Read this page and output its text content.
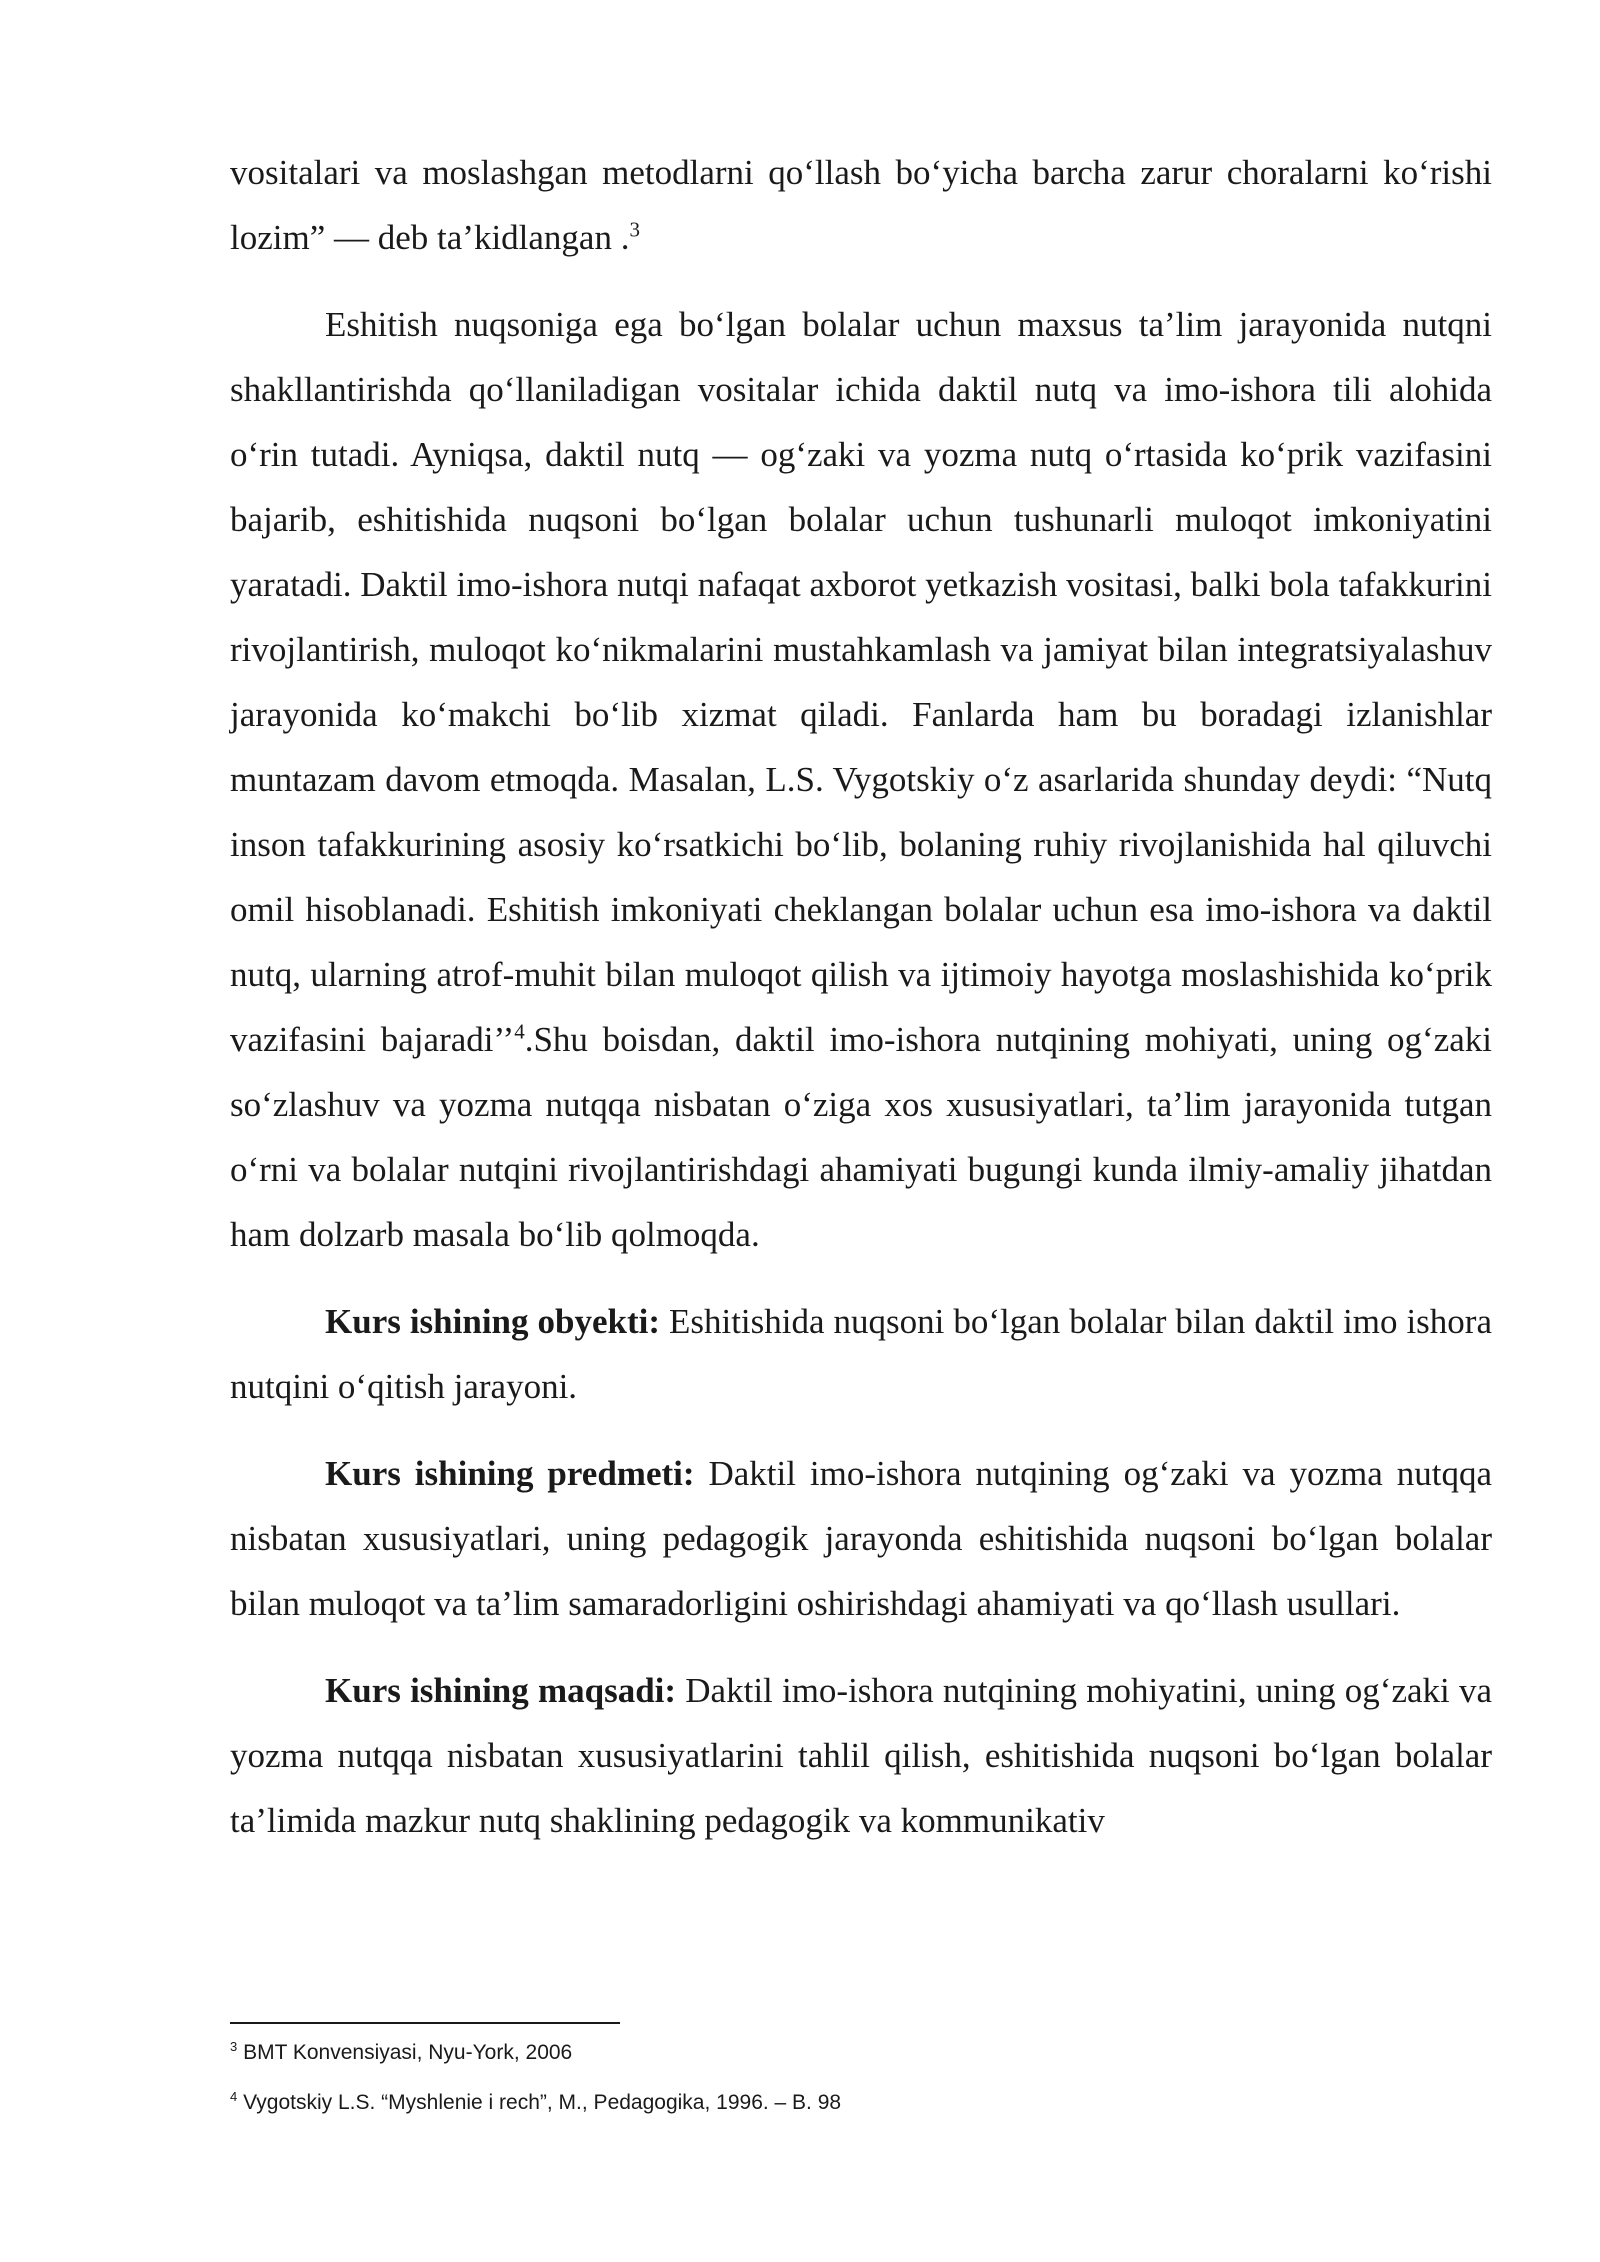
vositalari va moslashgan metodlarni qo‘llash bo‘yicha barcha zarur choralarni ko‘rishi lozim” — deb ta’kidlangan .$^3$

Eshitish nuqsoniga ega bo‘lgan bolalar uchun maxsus ta’lim jarayonida nutqni shakllantirishda qo‘llaniladigan vositalar ichida daktil nutq va imo-ishora tili alohida o‘rin tutadi. Ayniqsa, daktil nutq — og‘zaki va yozma nutq o‘rtasida ko‘prik vazifasini bajarib, eshitishida nuqsoni bo‘lgan bolalar uchun tushunarli muloqot imkoniyatini yaratadi. Daktil imo-ishora nutqi nafaqat axborot yetkazish vositasi, balki bola tafakkurini rivojlantirish, muloqot ko‘nikmalarini mustahkamlash va jamiyat bilan integratsiyalashuv jarayonida ko‘makchi bo‘lib xizmat qiladi. Fanlarda ham bu boradagi izlanishlar muntazam davom etmoqda. Masalan, L.S. Vygotskiy o‘z asarlarida shunday deydi: “Nutq inson tafakkurining asosiy ko‘rsatkichi bo‘lib, bolaning ruhiy rivojlanishida hal qiluvchi omil hisoblanadi. Eshitish imkoniyati cheklangan bolalar uchun esa imo-ishora va daktil nutq, ularning atrof-muhit bilan muloqot qilish va ijtimoiy hayotga moslashishida ko‘prik vazifasini bajaradi’’$^4$.Shu boisdan, daktil imo-ishora nutqining mohiyati, uning og‘zaki so‘zlashuv va yozma nutqqa nisbatan o‘ziga xos xususiyatlari, ta’lim jarayonida tutgan o‘rni va bolalar nutqini rivojlantirishdagi ahamiyati bugungi kunda ilmiy-amaliy jihatdan ham dolzarb masala bo‘lib qolmoqda.

Kurs ishining obyekti: Eshitishida nuqsoni bo‘lgan bolalar bilan daktil imo ishora nutqini o‘qitish jarayoni.

Kurs ishining predmeti: Daktil imo-ishora nutqining og‘zaki va yozma nutqqa nisbatan xususiyatlari, uning pedagogik jarayonda eshitishida nuqsoni bo‘lgan bolalar bilan muloqot va ta’lim samaradorligini oshirishdagi ahamiyati va qo‘llash usullari.

Kurs ishining maqsadi: Daktil imo-ishora nutqining mohiyatini, uning og‘zaki va yozma nutqqa nisbatan xususiyatlarini tahlil qilish, eshitishida nuqsoni bo‘lgan bolalar ta’limida mazkur nutq shaklining pedagogik va kommunikativ

$^3$ BMT Konvensiyasi, Nyu-York, 2006

$^4$ Vygotskiy L.S. “Myshlenie i rech”, M., Pedagogika, 1996. – B. 98
